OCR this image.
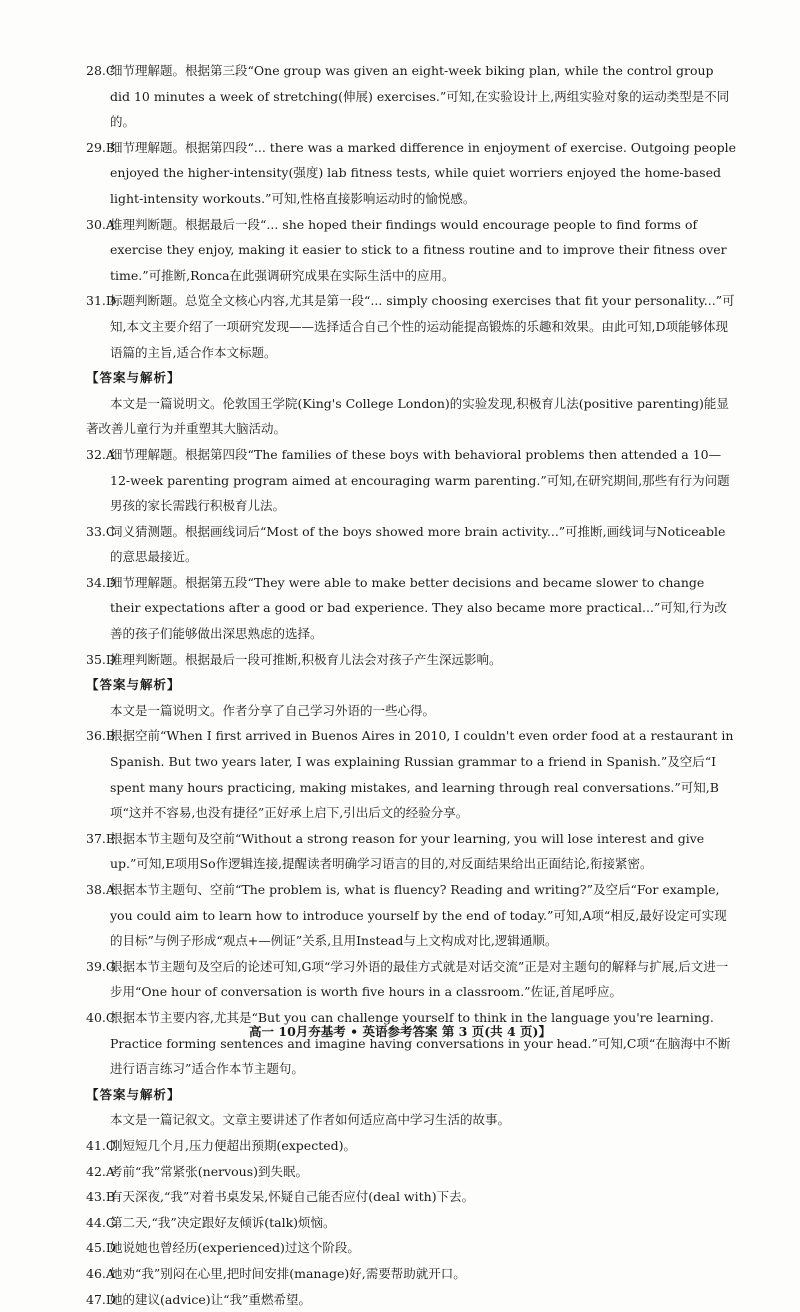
28.C细节理解题。根据第三段“One group was given an eight-week biking plan, while the control group did 10 minutes a week of stretching(伸展) exercises.”可知,在实验设计上,两组实验对象的运动类型是不同的。
29.B细节理解题。根据第四段“... there was a marked difference in enjoyment of exercise. Outgoing people enjoyed the higher-intensity(强度) lab fitness tests, while quiet worriers enjoyed the home-based light-intensity workouts.”可知,性格直接影响运动时的愉悦感。
30.A推理判断题。根据最后一段“... she hoped their findings would encourage people to find forms of exercise they enjoy, making it easier to stick to a fitness routine and to improve their fitness over time.”可推断,Ronca在此强调研究成果在实际生活中的应用。
31.D标题判断题。总览全文核心内容,尤其是第一段“... simply choosing exercises that fit your personality...”可知,本文主要介绍了一项研究发现——选择适合自己个性的运动能提高锻炼的乐趣和效果。由此可知,D项能够体现语篇的主旨,适合作本文标题。
【答案与解析】
本文是一篇说明文。伦敦国王学院(King's College London)的实验发现,积极育儿法(positive parenting)能显著改善儿童行为并重塑其大脑活动。
32.A细节理解题。根据第四段“The families of these boys with behavioral problems then attended a 10—12-week parenting program aimed at encouraging warm parenting.”可知,在研究期间,那些有行为问题男孩的家长需践行积极育儿法。
33.C词义猜测题。根据画线词后“Most of the boys showed more brain activity...”可推断,画线词与Noticeable的意思最接近。
34.D细节理解题。根据第五段“They were able to make better decisions and became slower to change their expectations after a good or bad experience. They also became more practical...”可知,行为改善的孩子们能够做出深思熟虑的选择。
35.D推理判断题。根据最后一段可推断,积极育儿法会对孩子产生深远影响。
【答案与解析】
本文是一篇说明文。作者分享了自己学习外语的一些心得。
36.B根据空前“When I first arrived in Buenos Aires in 2010, I couldn't even order food at a restaurant in Spanish. But two years later, I was explaining Russian grammar to a friend in Spanish.”及空后“I spent many hours practicing, making mistakes, and learning through real conversations.”可知,B项“这并不容易,也没有捷径”正好承上启下,引出后文的经验分享。
37.E根据本节主题句及空前“Without a strong reason for your learning, you will lose interest and give up.”可知,E项用So作逻辑连接,提醒读者明确学习语言的目的,对反面结果给出正面结论,衔接紧密。
38.A根据本节主题句、空前“The problem is, what is fluency? Reading and writing?”及空后“For example, you could aim to learn how to introduce yourself by the end of today.”可知,A项“相反,最好设定可实现的目标”与例子形成“观点+—例证”关系,且用Instead与上文构成对比,逻辑通顺。
39.G根据本节主题句及空后的论述可知,G项“学习外语的最佳方式就是对话交流”正是对主题句的解释与扩展,后文进一步用“One hour of conversation is worth five hours in a classroom.”佐证,首尾呼应。
40.C根据本节主要内容,尤其是“But you can challenge yourself to think in the language you're learning. Practice forming sentences and imagine having conversations in your head.”可知,C项“在脑海中不断进行语言练习”适合作本节主题句。
【答案与解析】
本文是一篇记叙文。文章主要讲述了作者如何适应高中学习生活的故事。
41.C刚短短几个月,压力便超出预期(expected)。
42.A考前“我”常紧张(nervous)到失眠。
43.B有天深夜,“我”对着书桌发呆,怀疑自己能否应付(deal with)下去。
44.C第二天,“我”决定跟好友倾诉(talk)烦恼。
45.D她说她也曾经历(experienced)过这个阶段。
46.A她劝“我”别闷在心里,把时间安排(manage)好,需要帮助就开口。
47.D她的建议(advice)让“我”重燃希望。
高一 10月夯基考 • 英语参考答案 第 3 页(共 4 页)】
